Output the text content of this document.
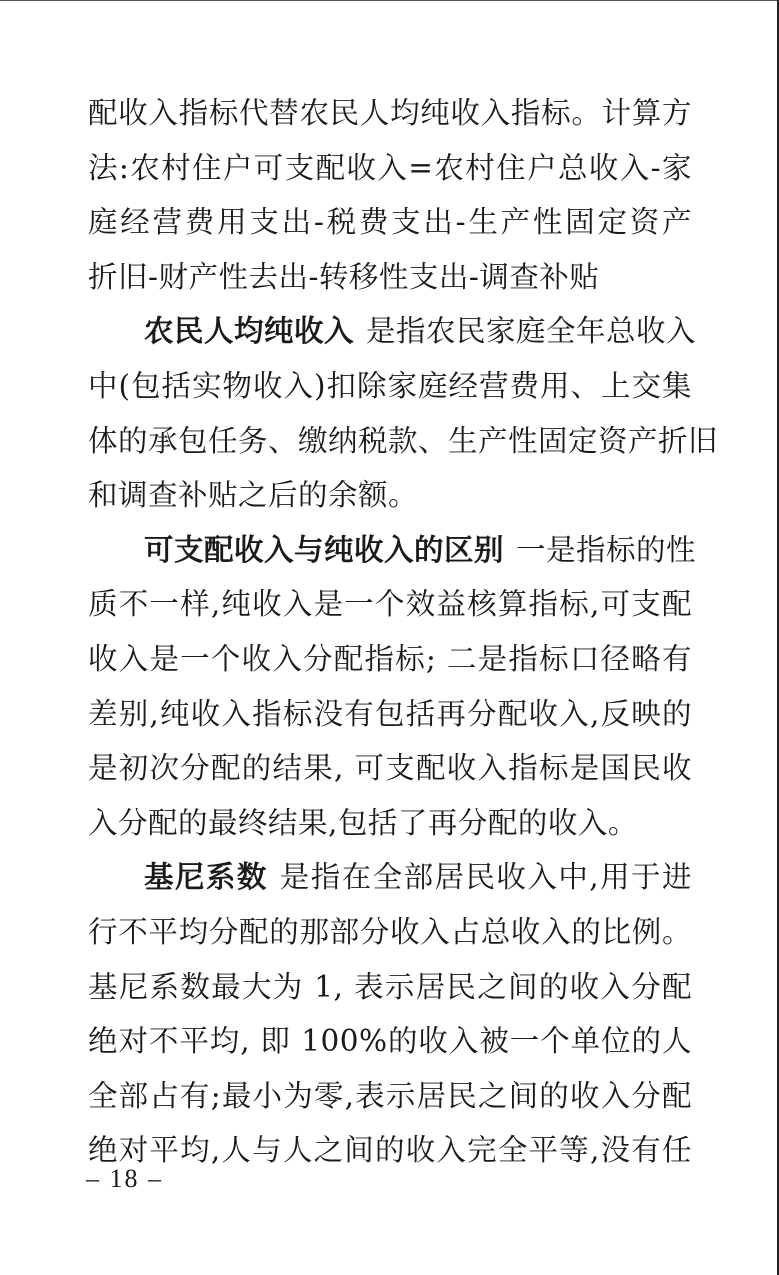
配收入指标代替农民人均纯收入指标。计算方
法:农村住户可支配收入=农村住户总收入-家
庭经营费用支出-税费支出-生产性固定资产
折旧-财产性去出-转移性支出-调查补贴
农民人均纯收入 是指农民家庭全年总收入
中(包括实物收入)扣除家庭经营费用、上交集
体的承包任务、缴纳税款、生产性固定资产折旧
和调查补贴之后的余额。
可支配收入与纯收入的区别 一是指标的性
质不一样,纯收入是一个效益核算指标,可支配
收入是一个收入分配指标; 二是指标口径略有
差别,纯收入指标没有包括再分配收入,反映的
是初次分配的结果, 可支配收入指标是国民收
入分配的最终结果,包括了再分配的收入。
基尼系数 是指在全部居民收入中,用于进
行不平均分配的那部分收入占总收入的比例。
基尼系数最大为 1, 表示居民之间的收入分配
绝对不平均, 即 100%的收入被一个单位的人
全部占有;最小为零,表示居民之间的收入分配
绝对平均,人与人之间的收入完全平等,没有任
– 18 –
